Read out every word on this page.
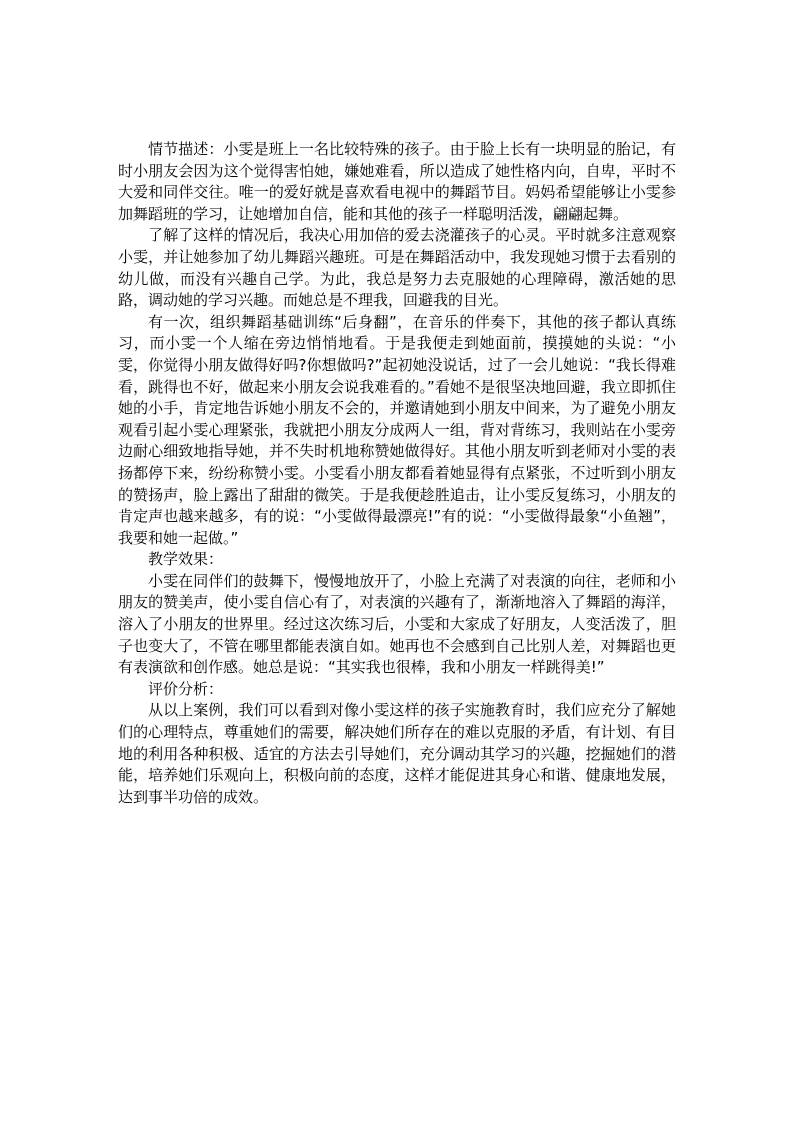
情节描述：小雯是班上一名比较特殊的孩子。由于脸上长有一块明显的胎记，有时小朋友会因为这个觉得害怕她，嫌她难看，所以造成了她性格内向，自卑，平时不大爱和同伴交往。唯一的爱好就是喜欢看电视中的舞蹈节目。妈妈希望能够让小雯参加舞蹈班的学习，让她增加自信，能和其他的孩子一样聪明活泼，翩翩起舞。

了解了这样的情况后，我决心用加倍的爱去浇灌孩子的心灵。平时就多注意观察小雯，并让她参加了幼儿舞蹈兴趣班。可是在舞蹈活动中，我发现她习惯于去看别的幼儿做，而没有兴趣自己学。为此，我总是努力去克服她的心理障碍，激活她的思路，调动她的学习兴趣。而她总是不理我，回避我的目光。

有一次，组织舞蹈基础训练“后身翻”，在音乐的伴奏下，其他的孩子都认真练习，而小雯一个人缩在旁边悄悄地看。于是我便走到她面前，摸摸她的头说：“小雯，你觉得小朋友做得好吗?你想做吗?”起初她没说话，过了一会儿她说：“我长得难看，跳得也不好，做起来小朋友会说我难看的。”看她不是很坚决地回避，我立即抓住她的小手，肯定地告诉她小朋友不会的，并邀请她到小朋友中间来，为了避免小朋友观看引起小雯心理紧张，我就把小朋友分成两人一组，背对背练习，我则站在小雯旁边耐心细致地指导她，并不失时机地称赞她做得好。其他小朋友听到老师对小雯的表扬都停下来，纷纷称赞小雯。小雯看小朋友都看着她显得有点紧张，不过听到小朋友的赞扬声，脸上露出了甜甜的微笑。于是我便趁胜追击，让小雯反复练习，小朋友的肯定声也越来越多，有的说：“小雯做得最漂亮!”有的说：“小雯做得最象“小鱼翘”，我要和她一起做。”

教学效果：

小雯在同伴们的鼓舞下，慢慢地放开了，小脸上充满了对表演的向往，老师和小朋友的赞美声，使小雯自信心有了，对表演的兴趣有了，渐渐地溶入了舞蹈的海洋，溶入了小朋友的世界里。经过这次练习后，小雯和大家成了好朋友，人变活泼了，胆子也变大了，不管在哪里都能表演自如。她再也不会感到自己比别人差，对舞蹈也更有表演欲和创作感。她总是说：“其实我也很棒，我和小朋友一样跳得美!”

评价分析：

从以上案例，我们可以看到对像小雯这样的孩子实施教育时，我们应充分了解她们的心理特点，尊重她们的需要，解决她们所存在的难以克服的矛盾，有计划、有目地的利用各种积极、适宜的方法去引导她们，充分调动其学习的兴趣，挖掘她们的潜能，培养她们乐观向上，积极向前的态度，这样才能促进其身心和谐、健康地发展，达到事半功倍的成效。
